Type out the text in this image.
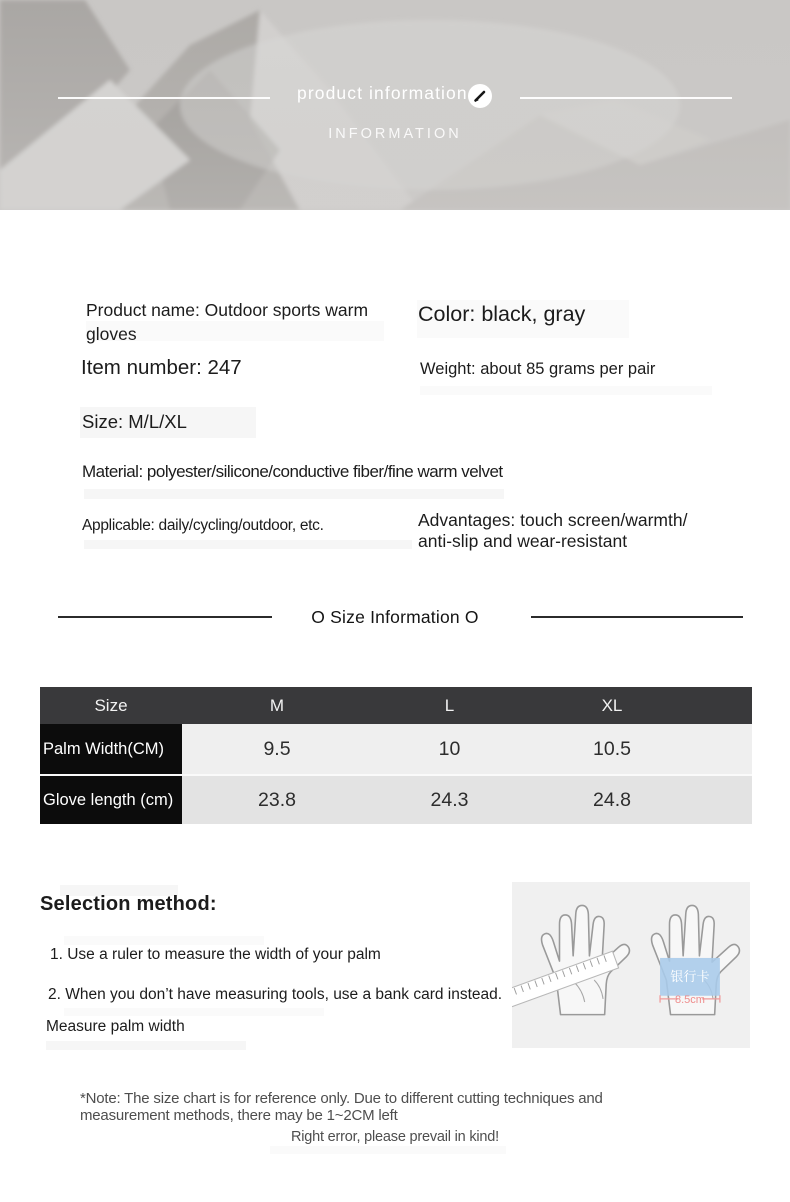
product information
INFORMATION
Product name: Outdoor sports warm gloves
Color: black, gray
Item number: 247	Weight: about 85 grams per pair
Size: M/L/XL
Material: polyester/silicone/conductive fiber/fine warm velvet
Applicable: daily/cycling/outdoor, etc.	Advantages: touch screen/warmth/
anti-slip and wear-resistant
O Size Information O
Size	M	L	XL
Palm Width(CM)	9.5	10	10.5
Glove length (cm)	23.8	24.3	24.8
Selection method:
1. Use a ruler to measure the width of your palm
2. When you don’t have measuring tools, use a bank card instead.
Measure palm width
银行卡
8.5cm
*Note: The size chart is for reference only. Due to different cutting techniques and
measurement methods, there may be 1~2CM left
Right error, please prevail in kind!
